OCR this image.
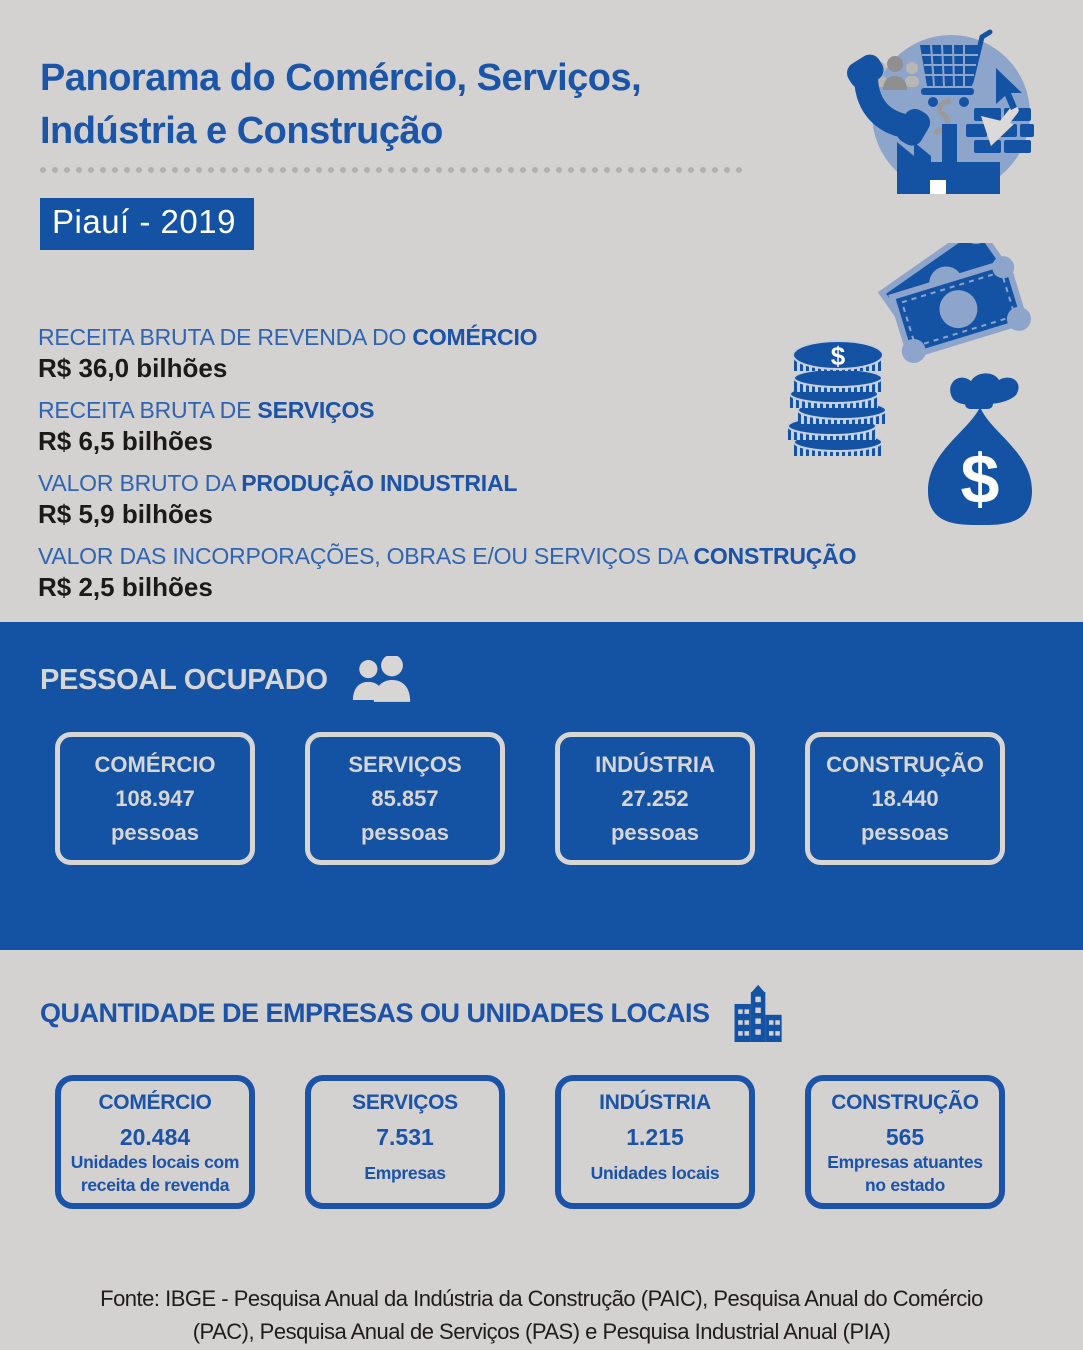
Panorama do Comércio, Serviços,
Indústria e Construção
Piauí - 2019
RECEITA BRUTA DE REVENDA DO COMÉRCIO
R$ 36,0 bilhões
RECEITA BRUTA DE SERVIÇOS
R$ 6,5 bilhões
VALOR BRUTO DA PRODUÇÃO INDUSTRIAL
R$ 5,9 bilhões
VALOR DAS INCORPORAÇÕES, OBRAS E/OU SERVIÇOS DA CONSTRUÇÃO
R$ 2,5 bilhões
$
$
PESSOAL OCUPADO
COMÉRCIO
108.947
pessoas
SERVIÇOS
85.857
pessoas
INDÚSTRIA
27.252
pessoas
CONSTRUÇÃO
18.440
pessoas
QUANTIDADE DE EMPRESAS OU UNIDADES LOCAIS
COMÉRCIO
20.484
Unidades locais com receita de revenda
SERVIÇOS
7.531
Empresas
INDÚSTRIA
1.215
Unidades locais
CONSTRUÇÃO
565
Empresas atuantes no estado
Fonte: IBGE - Pesquisa Anual da Indústria da Construção (PAIC), Pesquisa Anual do Comércio
(PAC), Pesquisa Anual de Serviços (PAS) e Pesquisa Industrial Anual (PIA)
